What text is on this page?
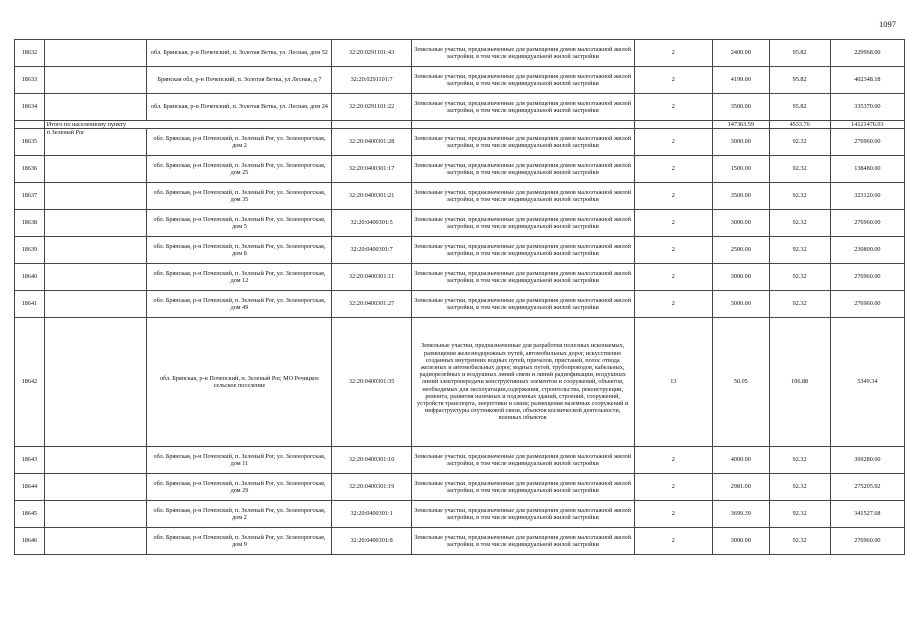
1097
18632		обл. Брянская, р-н Почепский, п. Золотая Ветка, ул. Лесная, дом 52	32:20:0291101:43	Земельные участки, предназначенные для размещения домов малоэтажной жилой застройки, в том числе индивидуальной жилой застройки	2	2400.00	95.82	229968.00
18633		Брянская обл, р-н Почепский, п. Золотая Ветка, ул Лесная, д 7	32:20:0291101:7	Земельные участки, предназначенные для размещения домов малоэтажной жилой застройки, в том числе индивидуальной жилой застройки	2	4199.00	95.82	402348.18
18634		обл. Брянская, р-н Почепский, п. Золотая Ветка, ул. Лесная, дом 24	32:20:0291101:22	Земельные участки, предназначенные для размещения домов малоэтажной жилой застройки, в том числе индивидуальной жилой застройки	2	3500.00	95.82	335370.00
	Итого по населенному пункту					147363.59	4533.76	14121476.03
18635	п Зеленый Рог	обл. Брянская, р-н Почепский, п. Зеленый Рог, ул. Зеленорогская, дом 2	32:20:0400301:28	Земельные участки, предназначенные для размещения домов малоэтажной жилой застройки, в том числе индивидуальной жилой застройки	2	3000.00	92.32	276960.00
18636		обл. Брянская, р-н Почепский, п. Зеленый Рог, ул. Зеленорогская, дом 25	32:20:0400301:17	Земельные участки, предназначенные для размещения домов малоэтажной жилой застройки, в том числе индивидуальной жилой застройки	2	1500.00	92.32	138480.00
18637		обл. Брянская, р-н Почепский, п. Зеленый Рог, ул. Зеленорогская, дом 35	32:20:0400301:21	Земельные участки, предназначенные для размещения домов малоэтажной жилой застройки, в том числе индивидуальной жилой застройки	2	3500.00	92.32	323120.00
18638		обл. Брянская, р-н Почепский, п. Зеленый Рог, ул. Зеленорогская, дом 5	32:20:0400301:5	Земельные участки, предназначенные для размещения домов малоэтажной жилой застройки, в том числе индивидуальной жилой застройки	2	3000.00	92.32	276960.00
18639		обл. Брянская, р-н Почепский, п. Зеленый Рог, ул. Зеленорогская, дом 8	32:20:0400301:7	Земельные участки, предназначенные для размещения домов малоэтажной жилой застройки, в том числе индивидуальной жилой застройки	2	2500.00	92.32	230800.00
18640		обл. Брянская, р-н Почепский, п. Зеленый Рог, ул. Зеленорогская, дом 12	32:20:0400301:11	Земельные участки, предназначенные для размещения домов малоэтажной жилой застройки, в том числе индивидуальной жилой застройки	2	3000.00	92.32	276960.00
18641		обл. Брянская, р-н Почепский, п. Зеленый Рог, ул. Зеленорогская, дом 49	32:20:0400301:27	Земельные участки, предназначенные для размещения домов малоэтажной жилой застройки, в том числе индивидуальной жилой застройки	2	3000.00	92.32	276960.00
18642		обл. Брянская, р-н Почепский, п. Зеленый Рог, МО Речицкое сельское поселение	32:20:0400301:35	Земельные участки, предназначенные для разработки полезных ископаемых, размещения железнодорожных путей, автомобильных дорог, искусственно созданных внутренних водных путей, причалов, пристаней, полос отвода железных и автомобильных дорог, водных путей, трубопроводов, кабельных, радиорелейных и воздушных линий связи и линий радиофикации, воздушных линий электропередачи конструктивных элементов и сооружений, объектов, необходимых для эксплуатации,содержания, строительства, реконструкции, ремонта, развития наземных и подземных зданий, строений, сооружений, устройств транспорта, энергетики и связи; размещения наземных сооружений и инфраструктуры спутниковой связи, объектов космической деятельности, военных объектов	13	50.05	106.88	5349.34
18643		обл. Брянская, р-н Почепский, п. Зеленый Рог, ул. Зеленорогская, дом 11	32:20:0400301:10	Земельные участки, предназначенные для размещения домов малоэтажной жилой застройки, в том числе индивидуальной жилой застройки	2	4000.00	92.32	369280.00
18644		обл. Брянская, р-н Почепский, п. Зеленый Рог, ул. Зеленорогская, дом 29	32:20:0400301:19	Земельные участки, предназначенные для размещения домов малоэтажной жилой застройки, в том числе индивидуальной жилой застройки	2	2981.00	92.32	275205.92
18645		обл. Брянская, р-н Почепский, п. Зеленый Рог, ул. Зеленорогская, дом 2	32:20:0400301:1	Земельные участки, предназначенные для размещения домов малоэтажной жилой застройки, в том числе индивидуальной жилой застройки	2	3699.39	92.32	341527.68
18646		обл. Брянская, р-н Почепский, п. Зеленый Рог, ул. Зеленорогская, дом 9	32:20:0400301:8	Земельные участки, предназначенные для размещения домов малоэтажной жилой застройки, в том числе индивидуальной жилой застройки	2	3000.00	92.32	276960.00
